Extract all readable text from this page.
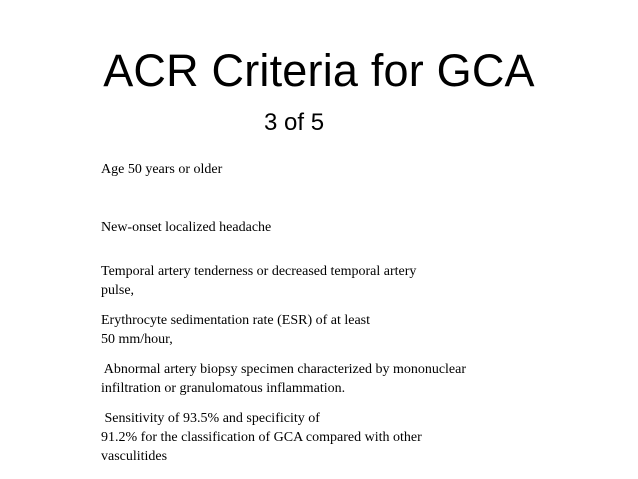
ACR Criteria for GCA
3 of 5
Age 50 years or older
New-onset localized headache
Temporal artery tenderness or decreased temporal artery
pulse,
Erythrocyte sedimentation rate (ESR) of at least
50 mm/hour,
Abnormal artery biopsy specimen characterized by mononuclear
infiltration or granulomatous inflammation.
Sensitivity of 93.5% and specificity of
91.2% for the classification of GCA compared with other
vasculitides
